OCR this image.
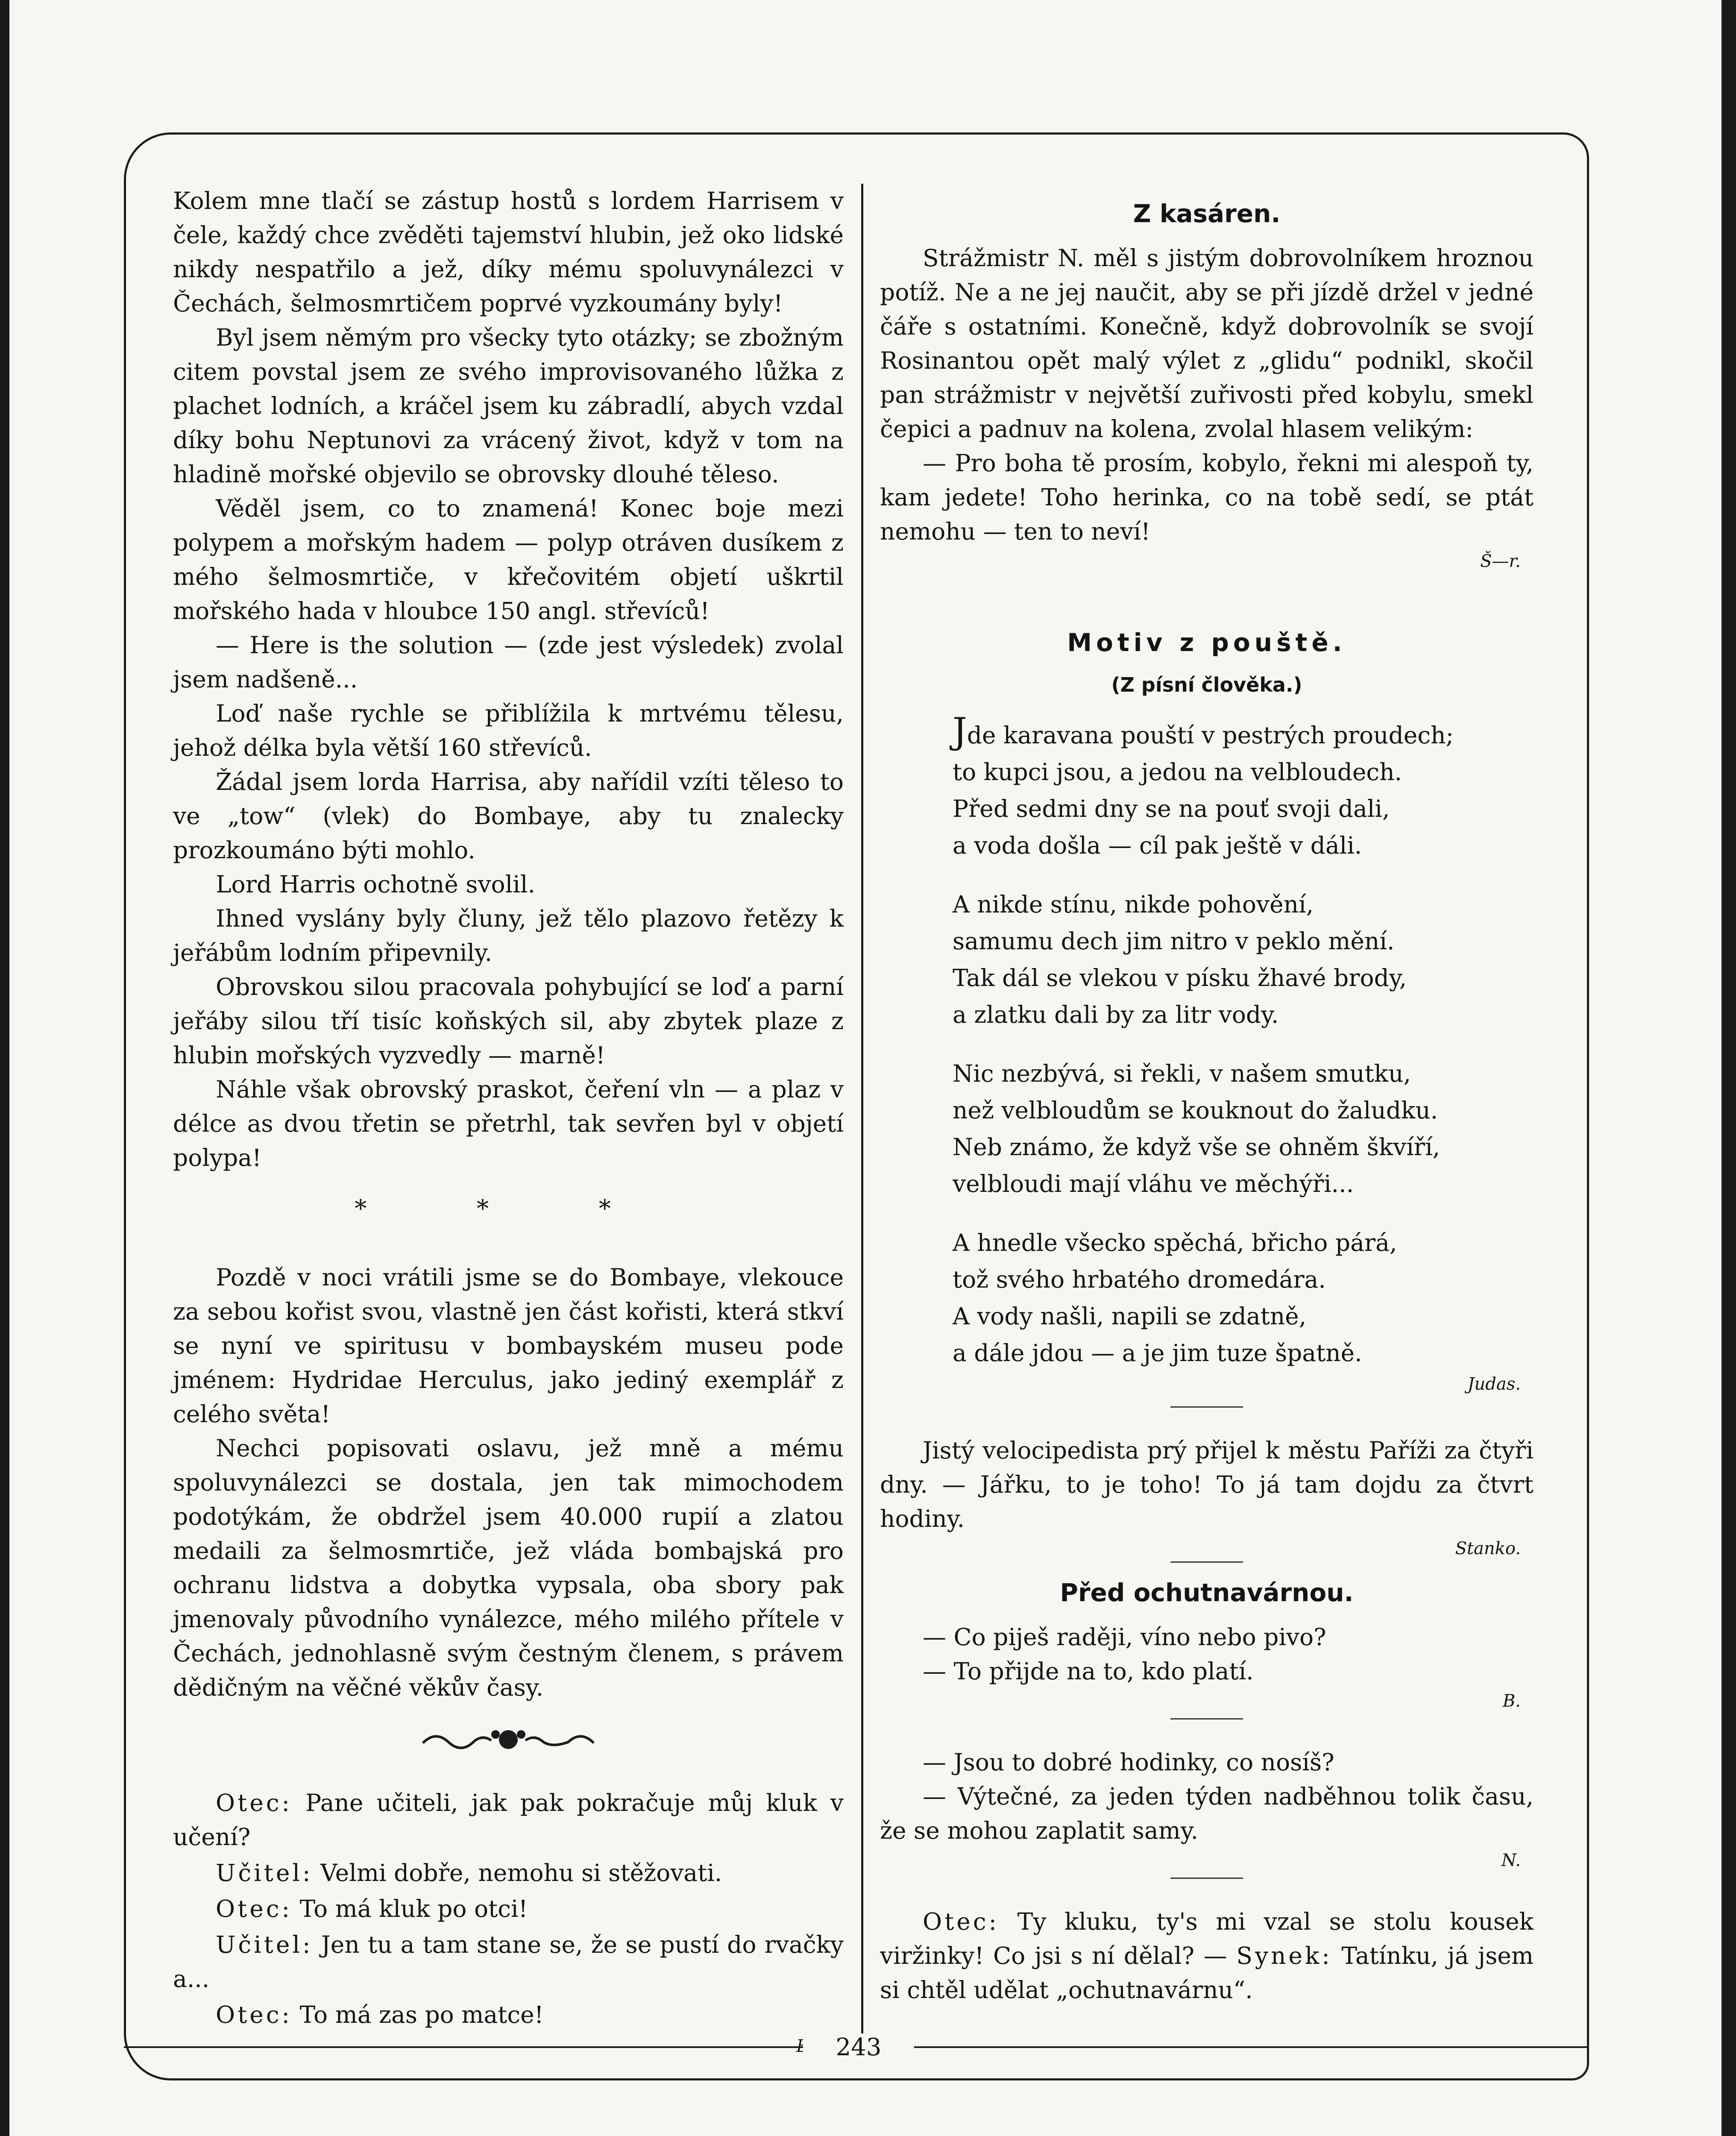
Kolem mne tlačí se zástup hostů s lordem Harrisem v čele, každý chce zvěděti tajemství hlubin, jež oko lidské nikdy nespatřilo a jež, díky mému spoluvynálezci v Čechách, šelmosmrtičem poprvé vyzkoumány byly!

Byl jsem němým pro všecky tyto otázky; se zbožným citem povstal jsem ze svého improvisovaného lůžka z plachet lodních, a kráčel jsem ku zábradlí, abych vzdal díky bohu Neptunovi za vrácený život, když v tom na hladině mořské objevilo se obrovsky dlouhé těleso.

Věděl jsem, co to znamená! Konec boje mezi polypem a mořským hadem — polyp otráven dusíkem z mého šelmosmrtiče, v křečovitém objetí uškrtil mořského hada v hloubce 150 angl. střevíců!

— Here is the solution — (zde jest výsledek) zvolal jsem nadšeně...

Loď naše rychle se přiblížila k mrtvému tělesu, jehož délka byla větší 160 střevíců.

Žádal jsem lorda Harrisa, aby nařídil vzíti těleso to ve „tow“ (vlek) do Bombaye, aby tu znalecky prozkoumáno býti mohlo.

Lord Harris ochotně svolil.

Ihned vyslány byly čluny, jež tělo plazovo řetězy k jeřábům lodním připevnily.

Obrovskou silou pracovala pohybující se loď a parní jeřáby silou tří tisíc koňských sil, aby zbytek plaze z hlubin mořských vyzvedly — marně!

Náhle však obrovský praskot, čeření vln — a plaz v délce as dvou třetin se přetrhl, tak sevřen byl v objetí polypa!

* * *

Pozdě v noci vrátili jsme se do Bombaye, vlekouce za sebou kořist svou, vlastně jen část kořisti, která stkví se nyní ve spiritusu v bombayském museu pode jménem: Hydridae Herculus, jako jediný exemplář z celého světa!

Nechci popisovati oslavu, jež mně a mému spoluvynálezci se dostala, jen tak mimochodem podotýkám, že obdržel jsem 40.000 rupií a zlatou medaili za šelmosmrtiče, jež vláda bombajská pro ochranu lidstva a dobytka vypsala, oba sbory pak jmenovaly původního vynálezce, mého milého přítele v Čechách, jednohlasně svým čestným členem, s právem dědičným na věčné věkův časy.

Otec: Pane učiteli, jak pak pokračuje můj kluk v učení?

Učitel: Velmi dobře, nemohu si stěžovati.

Otec: To má kluk po otci!

Učitel: Jen tu a tam stane se, že se pustí do rvačky a...

Otec: To má zas po matce!

Z kasáren.

Strážmistr N. měl s jistým dobrovolníkem hroznou potíž. Ne a ne jej naučit, aby se při jízdě držel v jedné čáře s ostatními. Konečně, když dobrovolník se svojí Rosinantou opět malý výlet z „glidu“ podnikl, skočil pan strážmistr v největší zuřivosti před kobylu, smekl čepici a padnuv na kolena, zvolal hlasem velikým:

— Pro boha tě prosím, kobylo, řekni mi alespoň ty, kam jedete! Toho herinka, co na tobě sedí, se ptát nemohu — ten to neví!

Š—r.
Motiv z pouště.
(Z písní člověka.)
Jde karavana pouští v pestrých proudech;
to kupci jsou, a jedou na velbloudech.
Před sedmi dny se na pouť svoji dali,
a voda došla — cíl pak ještě v dáli.
A nikde stínu, nikde pohovění,
samumu dech jim nitro v peklo mění.
Tak dál se vlekou v písku žhavé brody,
a zlatku dali by za litr vody.
Nic nezbývá, si řekli, v našem smutku,
než velbloudům se kouknout do žaludku.
Neb známo, že když vše se ohněm škvíří,
velbloudi mají vláhu ve měchýři...
A hnedle všecko spěchá, břicho párá,
tož svého hrbatého dromedára.
A vody našli, napili se zdatně,
a dále jdou — a je jim tuze špatně.
Judas.

Jistý velocipedista prý přijel k městu Paříži za čtyři dny. — Jářku, to je toho! To já tam dojdu za čtvrt hodiny.

Stanko.
Před ochutnavárnou.

— Co piješ raději, víno nebo pivo?

— To přijde na to, kdo platí.

B.

— Jsou to dobré hodinky, co nosíš?

— Výtečné, za jeden týden nadběhnou tolik času, že se mohou zaplatit samy.

N.

Otec: Ty kluku, ty's mi vzal se stolu kousek viržinky! Co jsi s ní dělal? — Synek: Tatínku, já jsem si chtěl udělat „ochutnavárnu“.

243
